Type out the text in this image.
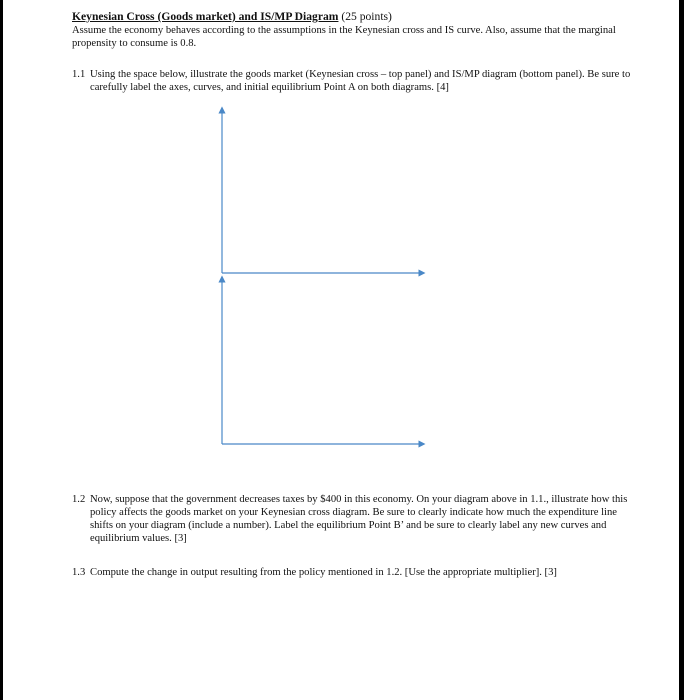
Keynesian Cross (Goods market) and IS/MP Diagram (25 points)
Assume the economy behaves according to the assumptions in the Keynesian cross and IS curve. Also, assume that the marginal propensity to consume is 0.8.
1.1 Using the space below, illustrate the goods market (Keynesian cross – top panel) and IS/MP diagram (bottom panel). Be sure to carefully label the axes, curves, and initial equilibrium Point A on both diagrams. [4]
1.2 Now, suppose that the government decreases taxes by $400 in this economy. On your diagram above in 1.1., illustrate how this policy affects the goods market on your Keynesian cross diagram. Be sure to clearly indicate how much the expenditure line shifts on your diagram (include a number). Label the equilibrium Point B’ and be sure to clearly label any new curves and equilibrium values. [3]
1.3 Compute the change in output resulting from the policy mentioned in 1.2. [Use the appropriate multiplier]. [3]
